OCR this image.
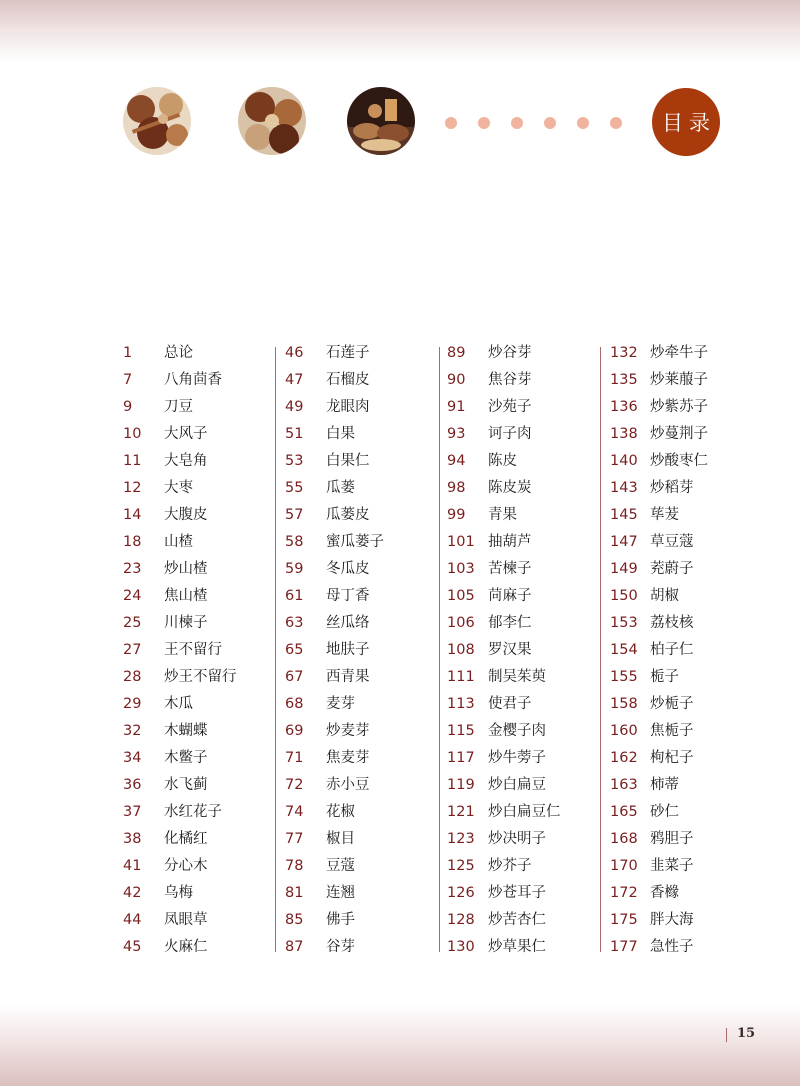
目录
1 总论
7 八角茴香
9 刀豆
10 大风子
11 大皂角
12 大枣
14 大腹皮
18 山楂
23 炒山楂
24 焦山楂
25 川楝子
27 王不留行
28 炒王不留行
29 木瓜
32 木蝴蝶
34 木鳖子
36 水飞蓟
37 水红花子
38 化橘红
41 分心木
42 乌梅
44 凤眼草
45 火麻仁
46 石莲子
47 石榴皮
49 龙眼肉
51 白果
53 白果仁
55 瓜蒌
57 瓜蒌皮
58 蜜瓜蒌子
59 冬瓜皮
61 母丁香
63 丝瓜络
65 地肤子
67 西青果
68 麦芽
69 炒麦芽
71 焦麦芽
72 赤小豆
74 花椒
77 椒目
78 豆蔻
81 连翘
85 佛手
87 谷芽
89 炒谷芽
90 焦谷芽
91 沙苑子
93 诃子肉
94 陈皮
98 陈皮炭
99 青果
101 抽葫芦
103 苦楝子
105 苘麻子
106 郁李仁
108 罗汉果
111 制吴茱萸
113 使君子
115 金樱子肉
117 炒牛蒡子
119 炒白扁豆
121 炒白扁豆仁
123 炒决明子
125 炒芥子
126 炒苍耳子
128 炒苦杏仁
130 炒草果仁
132 炒牵牛子
135 炒莱菔子
136 炒紫苏子
138 炒蔓荆子
140 炒酸枣仁
143 炒稻芽
145 荜茇
147 草豆蔻
149 茺蔚子
150 胡椒
153 荔枝核
154 柏子仁
155 栀子
158 炒栀子
160 焦栀子
162 枸杞子
163 柿蒂
165 砂仁
168 鸦胆子
170 韭菜子
172 香橼
175 胖大海
177 急性子
15
